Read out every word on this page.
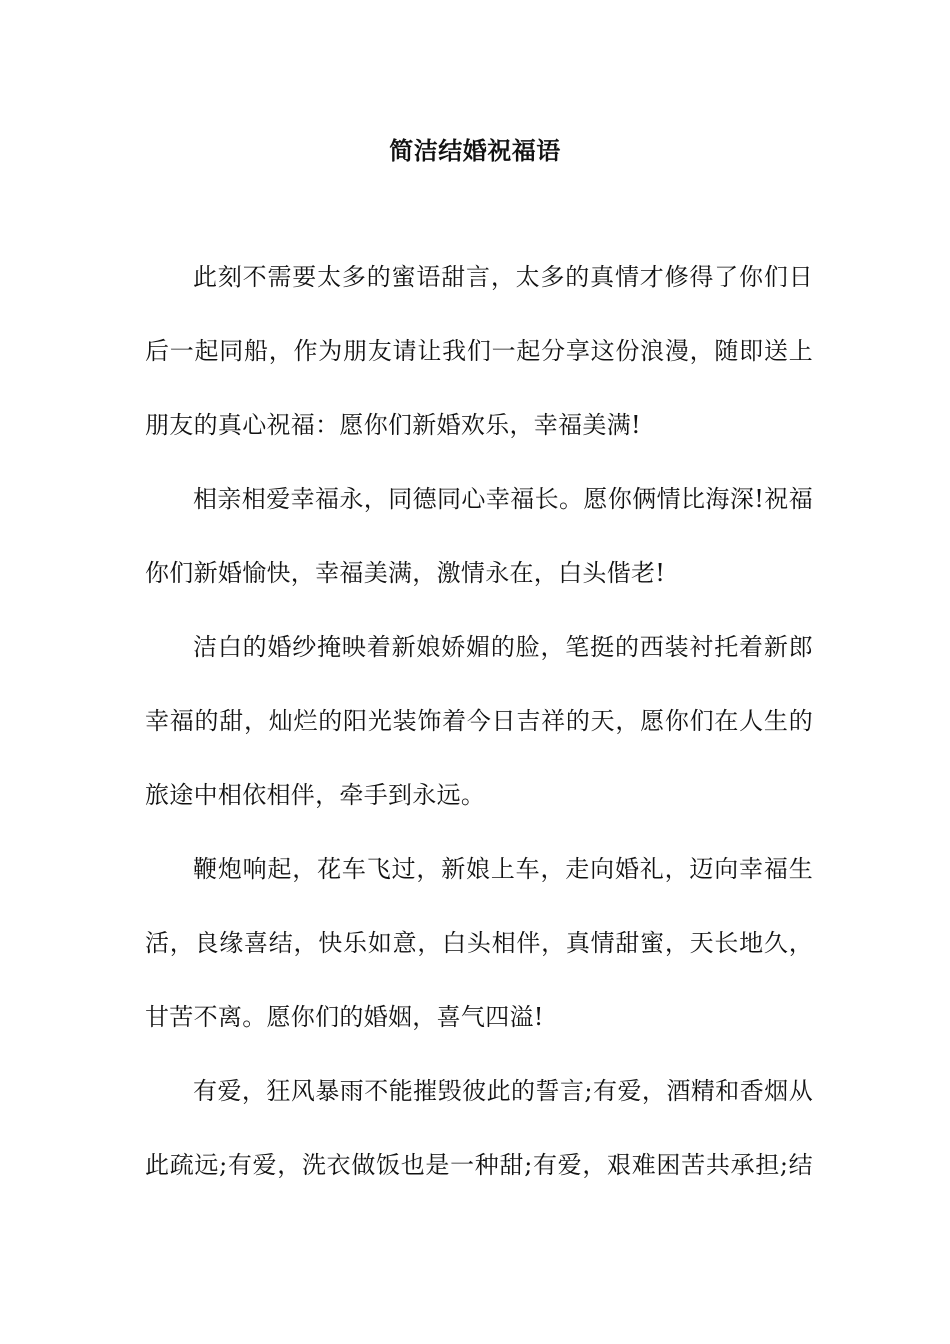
简洁结婚祝福语
此刻不需要太多的蜜语甜言，太多的真情才修得了你们日
后一起同船，作为朋友请让我们一起分享这份浪漫，随即送上
朋友的真心祝福：愿你们新婚欢乐，幸福美满!
相亲相爱幸福永，同德同心幸福长。愿你俩情比海深!祝福
你们新婚愉快，幸福美满，激情永在，白头偕老!
洁白的婚纱掩映着新娘娇媚的脸，笔挺的西装衬托着新郎
幸福的甜，灿烂的阳光装饰着今日吉祥的天，愿你们在人生的
旅途中相依相伴，牵手到永远。
鞭炮响起，花车飞过，新娘上车，走向婚礼，迈向幸福生
活，良缘喜结，快乐如意，白头相伴，真情甜蜜，天长地久，
甘苦不离。愿你们的婚姻，喜气四溢!
有爱，狂风暴雨不能摧毁彼此的誓言;有爱，酒精和香烟从
此疏远;有爱，洗衣做饭也是一种甜;有爱，艰难困苦共承担;结
